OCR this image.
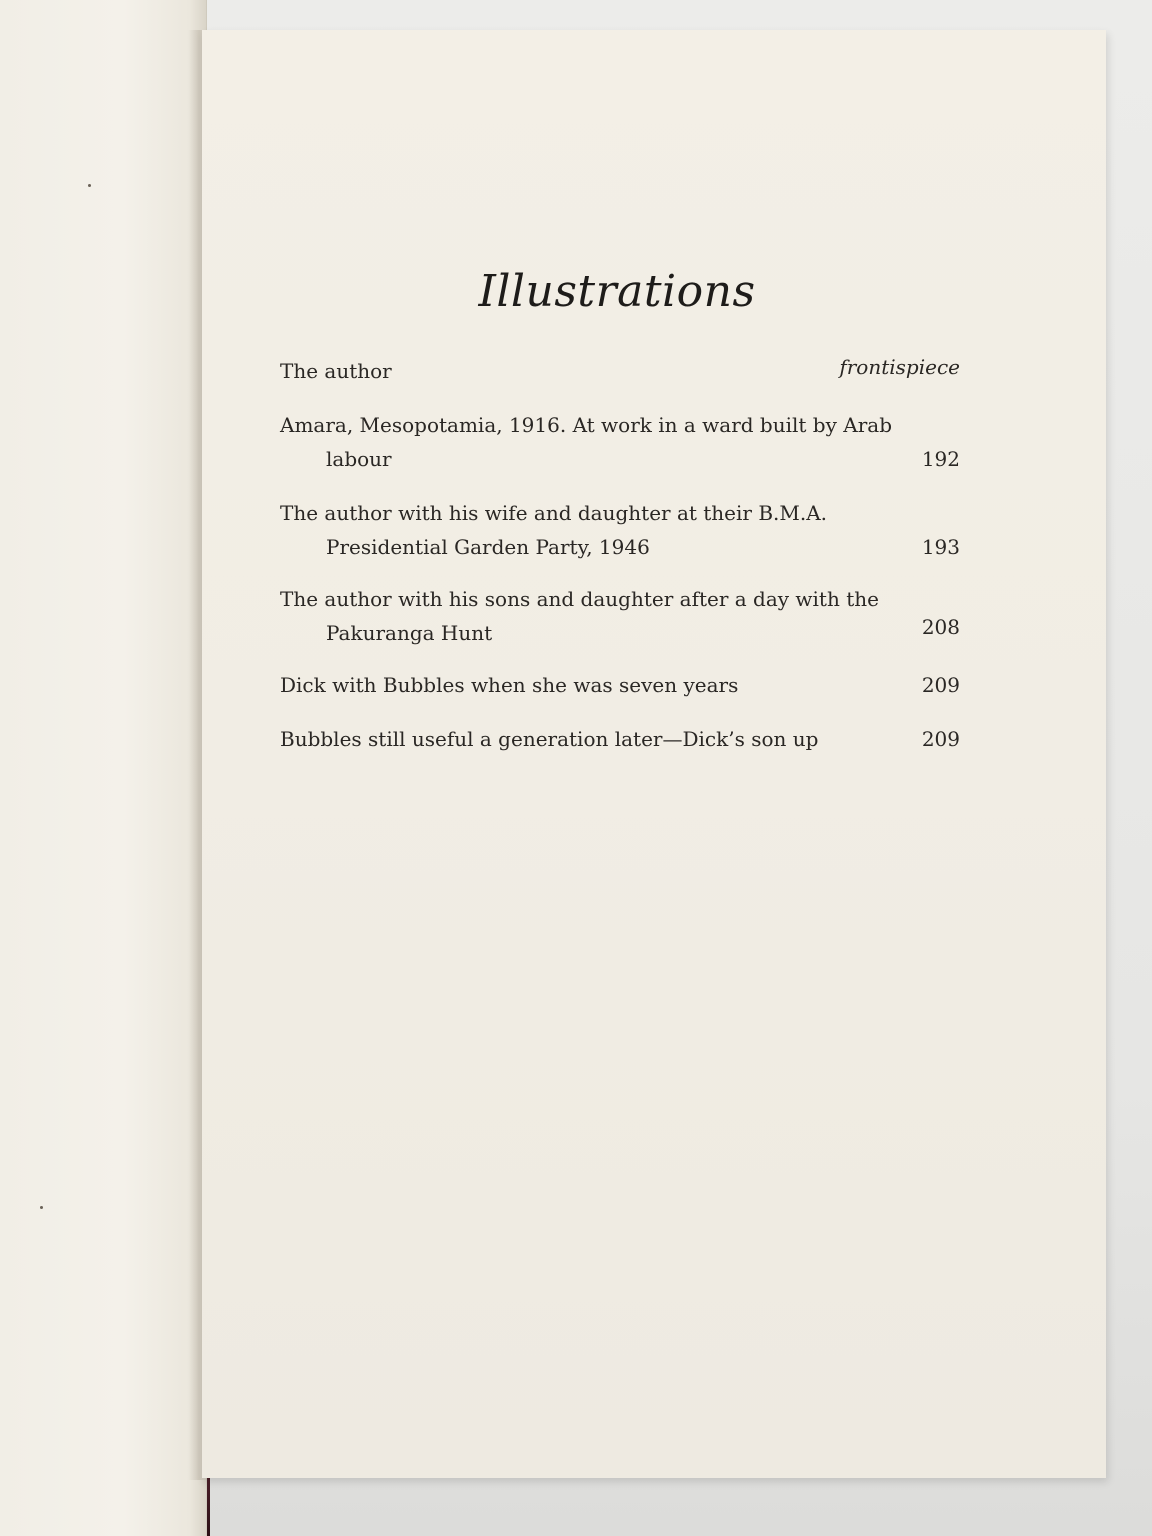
Illustrations
The author	frontispiece
Amara, Mesopotamia, 1916. At work in a ward built by Arab labour	192
The author with his wife and daughter at their B.M.A. Presidential Garden Party, 1946	193
The author with his sons and daughter after a day with the Pakuranga Hunt	208
Dick with Bubbles when she was seven years	209
Bubbles still useful a generation later—Dick’s son up	209
